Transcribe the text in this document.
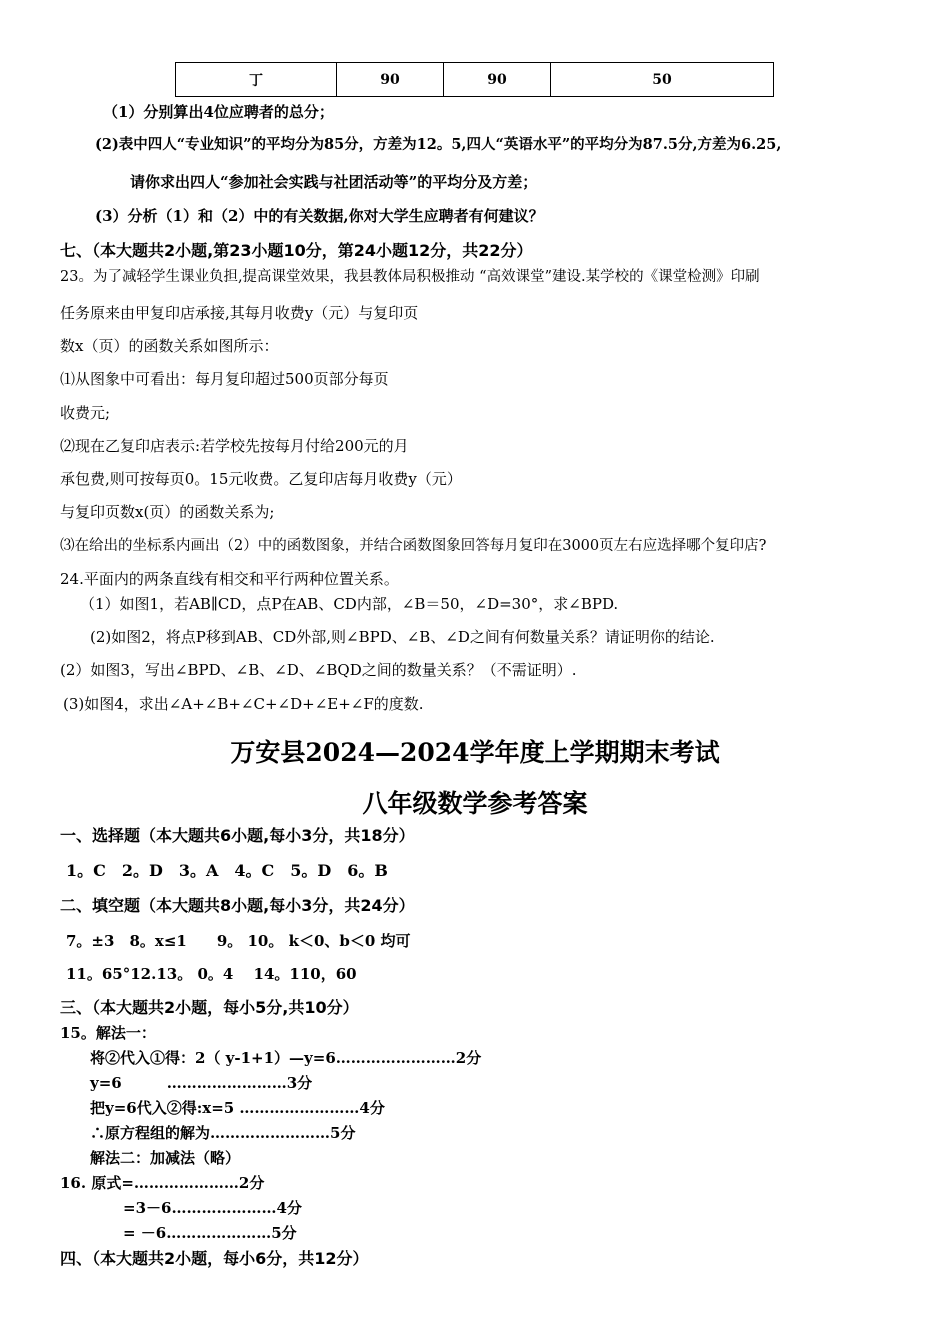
丁	90	90	50
（1）分别算出4位应聘者的总分；
(2)表中四人“专业知识”的平均分为85分，方差为12。5,四人“英语水平”的平均分为87.5分,方差为6.25,
请你求出四人“参加社会实践与社团活动等”的平均分及方差；
(3）分析（1）和（2）中的有关数据,你对大学生应聘者有何建议？
七、（本大题共2小题,第23小题10分，第24小题12分，共22分）
23。为了减轻学生课业负担,提高课堂效果，我县教体局积极推动 “高效课堂”建设.某学校的《课堂检测》印刷
任务原来由甲复印店承接,其每月收费y（元）与复印页
数x（页）的函数关系如图所示：
⑴从图象中可看出：每月复印超过500页部分每页
收费元;
⑵现在乙复印店表示:若学校先按每月付给200元的月
承包费,则可按每页0。15元收费。乙复印店每月收费y（元）
与复印页数x(页）的函数关系为;
⑶在给出的坐标系内画出（2）中的函数图象，并结合函数图象回答每月复印在3000页左右应选择哪个复印店?
24.平面内的两条直线有相交和平行两种位置关系。
（1）如图1，若AB∥CD，点P在AB、CD内部，∠B＝50，∠D=30°，求∠BPD.
(2)如图2，将点P移到AB、CD外部,则∠BPD、∠B、∠D之间有何数量关系？请证明你的结论.
(2）如图3，写出∠BPD、∠B、∠D、∠BQD之间的数量关系？（不需证明）.
(3)如图4，求出∠A+∠B+∠C+∠D+∠E+∠F的度数.
万安县2024—2024学年度上学期期末考试
八年级数学参考答案
一、选择题（本大题共6小题,每小3分，共18分）
1。C　2。D　3。A　4。C　5。D　6。B
二、填空题（本大题共8小题,每小3分，共24分）
7。±3　8。x≤1　　9。 10。 k＜0、b＜0 均可
11。65°12.13。 0。4　 14。110，60
三、（本大题共2小题，每小5分,共10分）
15。解法一：
将②代入①得：2（ y-1+1）—y=6……………………2分
y=6　　　……………………3分
把y=6代入②得:x=5 ……………………4分
∴原方程组的解为……………………5分
解法二：加减法（略）
16. 原式=…………………2分
=3－6…………………4分
= －6…………………5分
四、（本大题共2小题，每小6分，共12分）
